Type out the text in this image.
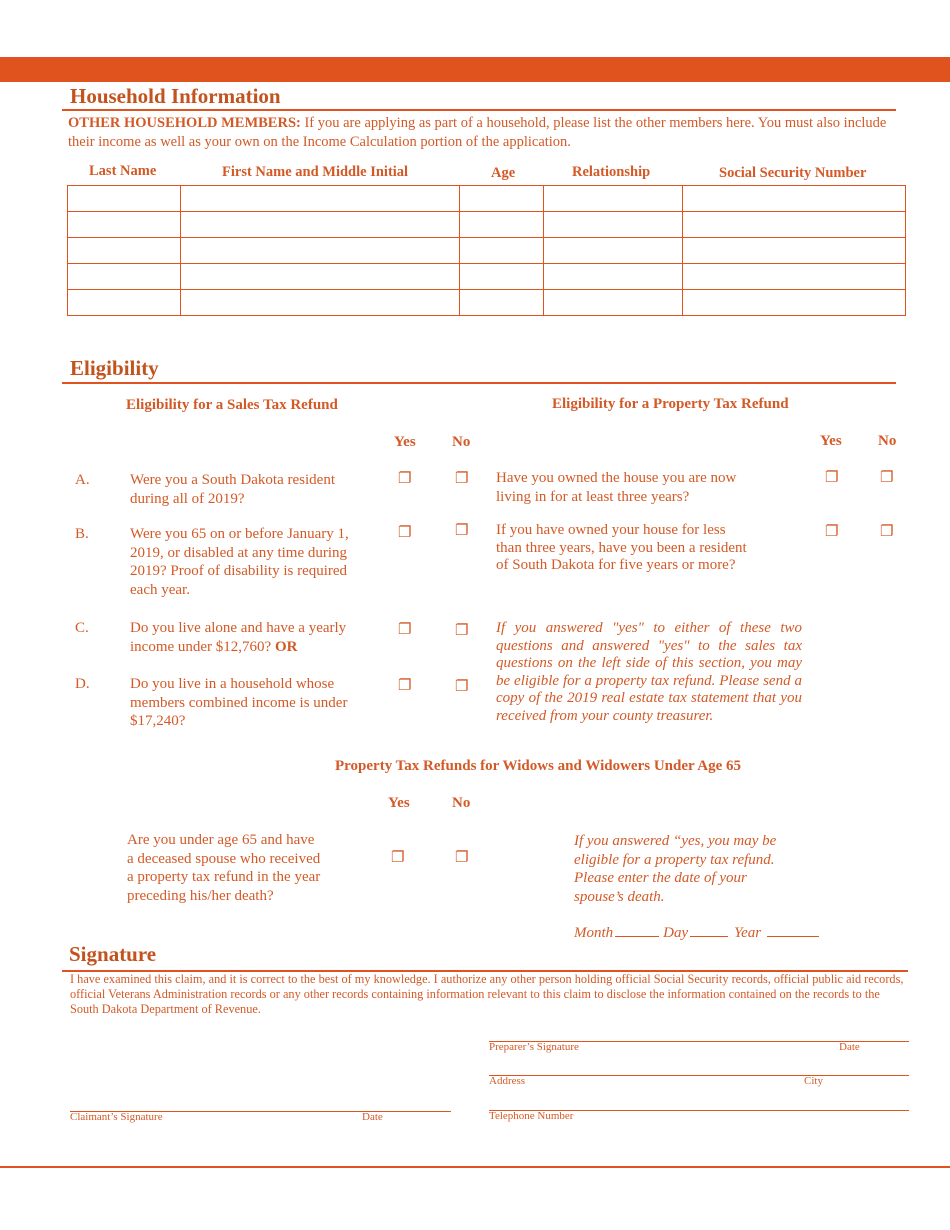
Household Information
OTHER HOUSEHOLD MEMBERS: If you are applying as part of a household, please list the other members here. You must also include their income as well as your own on the Income Calculation portion of the application.
Last Name	First Name and Middle Initial	Age	Relationship	Social Security Number

Eligibility
Eligibility for a Sales Tax Refund	Eligibility for a Property Tax Refund
Yes No	Yes No
A.	Were you a South Dakota resident during all of 2019?
❐	❐
B.	Were you 65 on or before January 1, 2019, or disabled at any time during 2019? Proof of disability is required each year.
❐	❐
C.	Do you live alone and have a yearly income under $12,760? OR
❐	❐
D.	Do you live in a household whose members combined income is under $17,240?
❐	❐
Have you owned the house you are now living in for at least three years?
❐	❐
If you have owned your house for less than three years, have you been a resident of South Dakota for five years or more?
❐	❐
If you answered "yes" to either of these two questions and answered "yes" to the sales tax questions on the left side of this section, you may be eligible for a property tax refund. Please send a copy of the 2019 real estate tax statement that you received from your county treasurer.
Property Tax Refunds for Widows and Widowers Under Age 65
Yes	No
Are you under age 65 and have a deceased spouse who received a property tax refund in the year preceding his/her death?
❐	❐
If you answered “yes, you may be eligible for a property tax refund. Please enter the date of your spouse’s death.
Month	Day	Year
Signature
I have examined this claim, and it is correct to the best of my knowledge. I authorize any other person holding official Social Security records, official public aid records, official Veterans Administration records or any other records containing information relevant to this claim to disclose the information contained on the records to the South Dakota Department of Revenue.
Preparer’s Signature	Date
Address	City
Claimant’s Signature	Date	Telephone Number
